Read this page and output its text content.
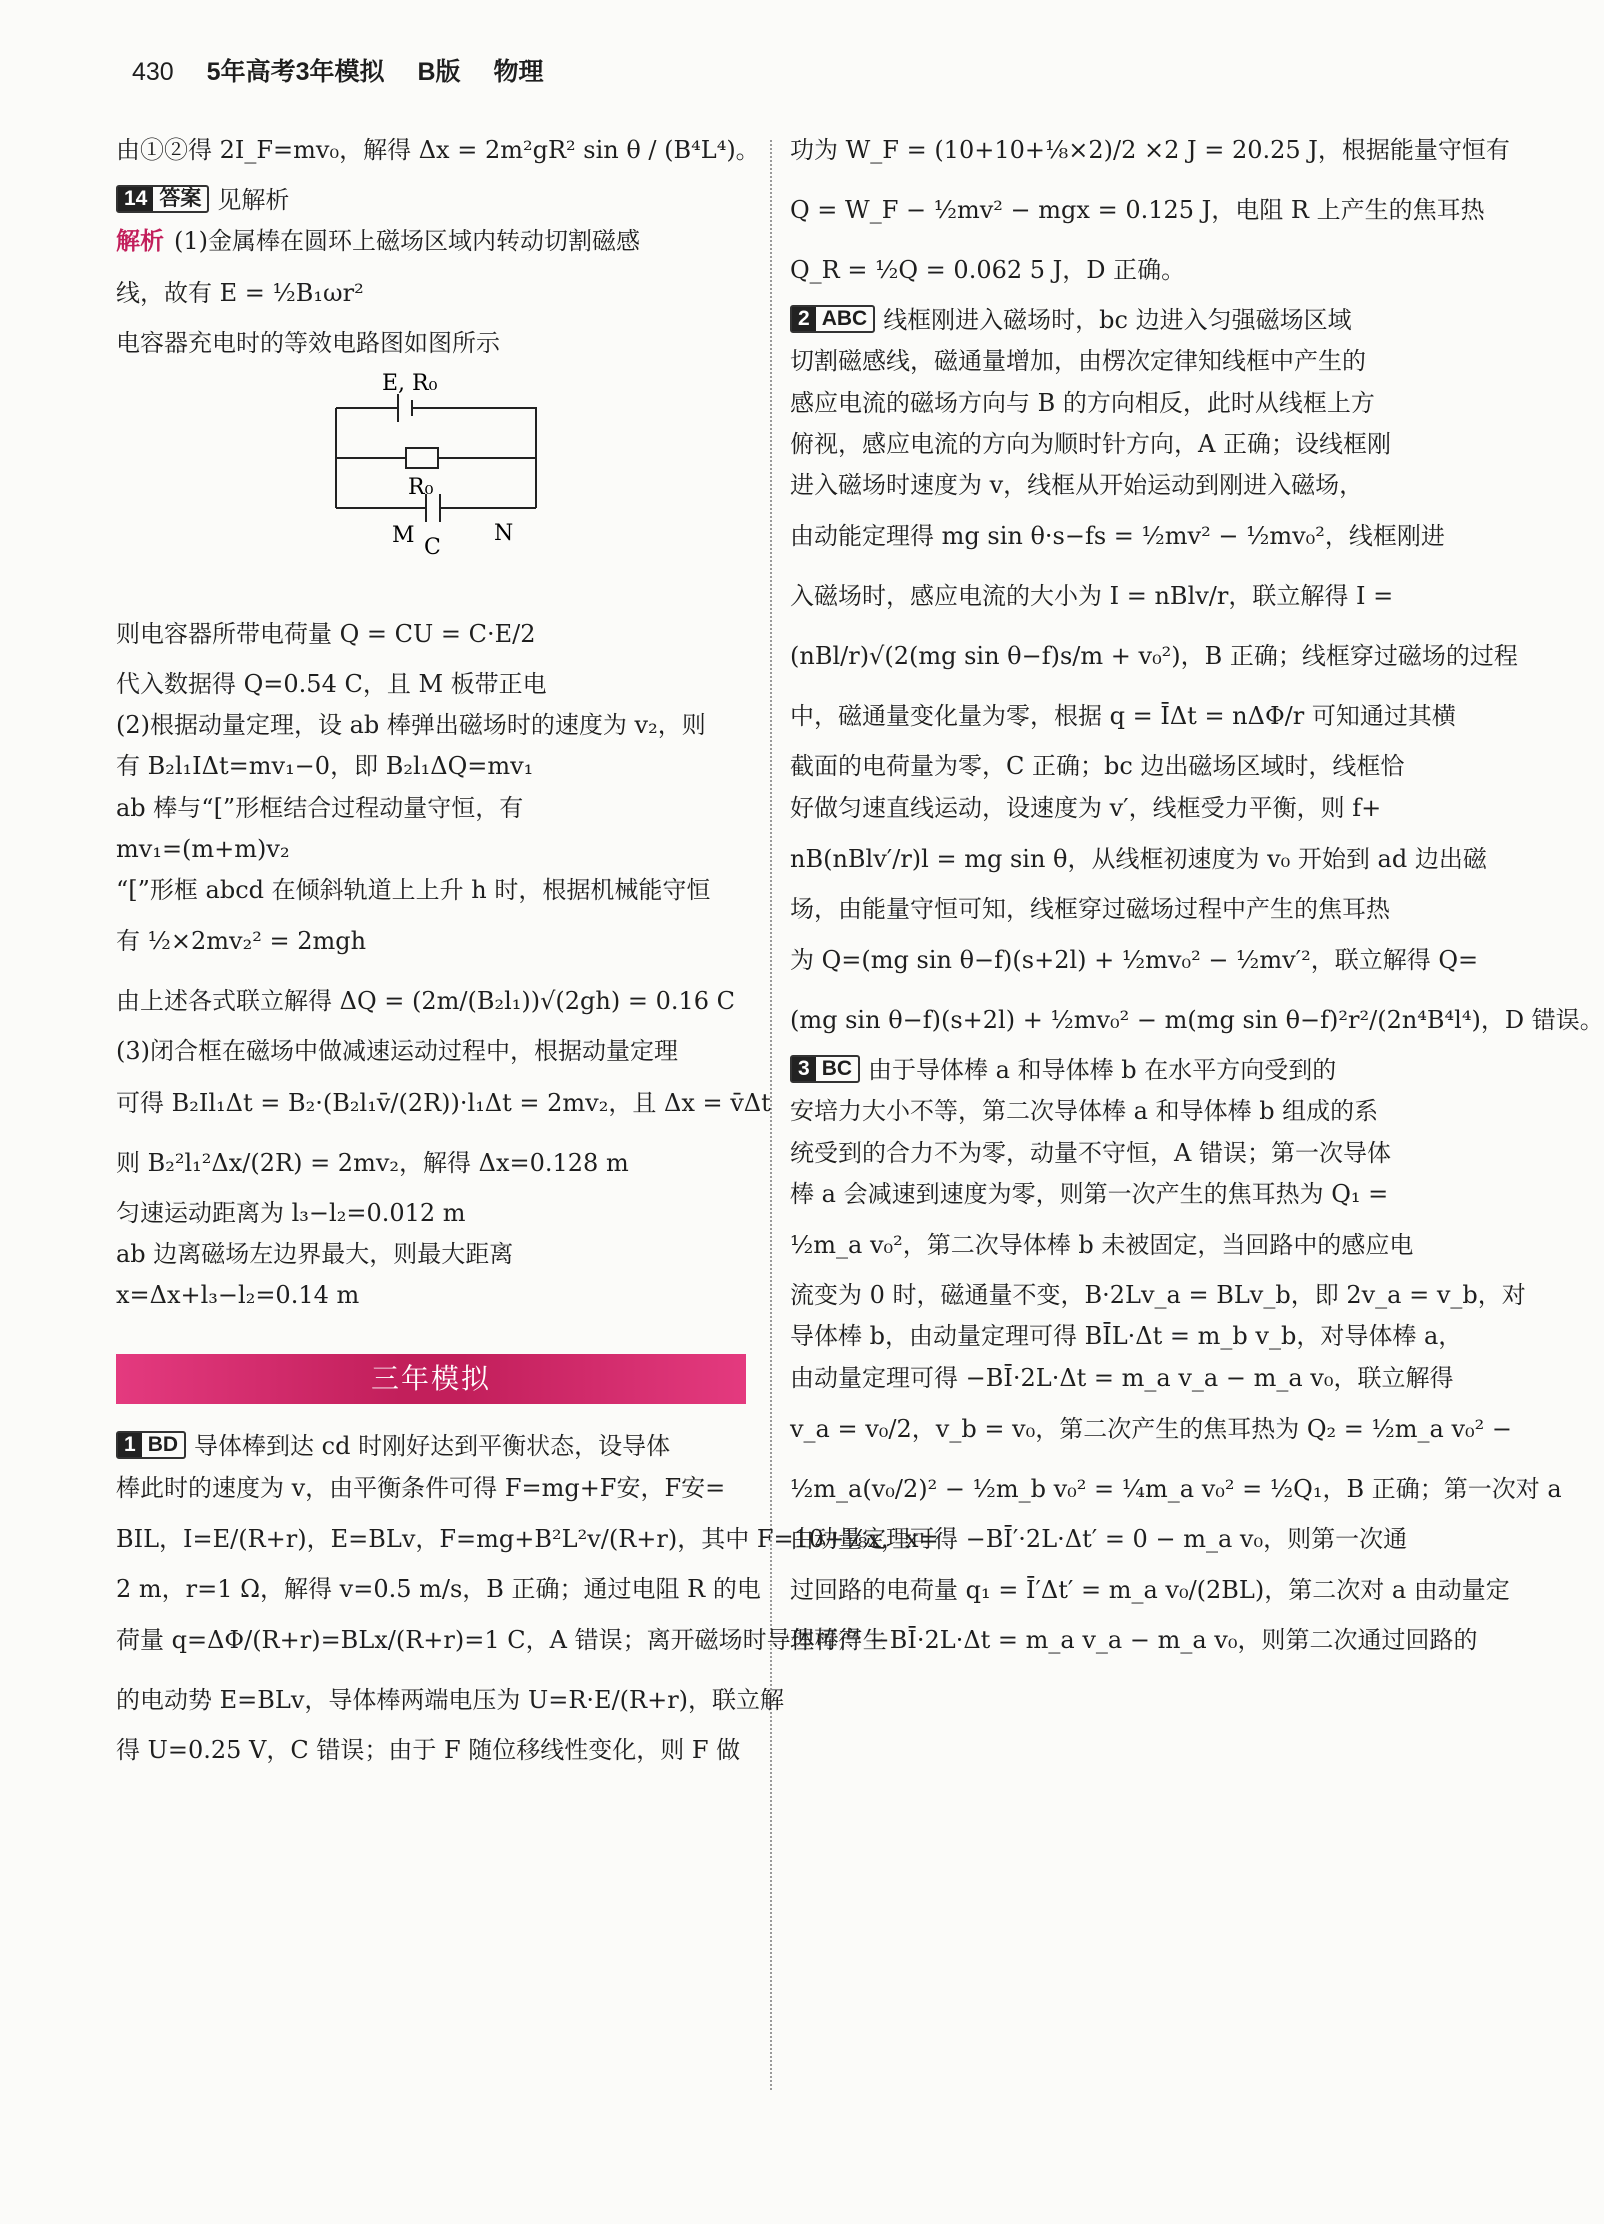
430 5年高考3年模拟 B版 物理

由①②得 2I_F=mv₀，解得 Δx = 2m²gR² sin θ / (B⁴L⁴)。

14 答案 见解析

解析 (1)金属棒在圆环上磁场区域内转动切割磁感

线，故有 E = ½B₁ωr²

电容器充电时的等效电路图如图所示

E, R₀
R₀
M C
N

则电容器所带电荷量 Q = CU = C·E/2

代入数据得 Q=0.54 C，且 M 板带正电

(2)根据动量定理，设 ab 棒弹出磁场时的速度为 v₂，则

有 B₂l₁IΔt=mv₁−0，即 B₂l₁ΔQ=mv₁

ab 棒与“[”形框结合过程动量守恒，有

mv₁=(m+m)v₂

“[”形框 abcd 在倾斜轨道上上升 h 时，根据机械能守恒

有 ½×2mv₂² = 2mgh

由上述各式联立解得 ΔQ = (2m/(B₂l₁))√(2gh) = 0.16 C

(3)闭合框在磁场中做减速运动过程中，根据动量定理

可得 B₂Il₁Δt = B₂·(B₂l₁v̄/(2R))·l₁Δt = 2mv₂，且 Δx = v̄Δt

则 B₂²l₁²Δx/(2R) = 2mv₂，解得 Δx=0.128 m

匀速运动距离为 l₃−l₂=0.012 m

ab 边离磁场左边界最大，则最大距离

x=Δx+l₃−l₂=0.14 m

三年模拟

1 BD 导体棒到达 cd 时刚好达到平衡状态，设导体

棒此时的速度为 v，由平衡条件可得 F=mg+F安，F安=

BIL，I=E/(R+r)，E=BLv，F=mg+B²L²v/(R+r)，其中 F=10+⅛x，x=

2 m，r=1 Ω，解得 v=0.5 m/s，B 正确；通过电阻 R 的电

荷量 q=ΔΦ/(R+r)=BLx/(R+r)=1 C，A 错误；离开磁场时导体棒产生

的电动势 E=BLv，导体棒两端电压为 U=R·E/(R+r)，联立解

得 U=0.25 V，C 错误；由于 F 随位移线性变化，则 F 做

功为 W_F = (10+10+⅛×2)/2 ×2 J = 20.25 J，根据能量守恒有

Q = W_F − ½mv² − mgx = 0.125 J，电阻 R 上产生的焦耳热

Q_R = ½Q = 0.062 5 J，D 正确。

2 ABC 线框刚进入磁场时，bc 边进入匀强磁场区域

切割磁感线，磁通量增加，由楞次定律知线框中产生的

感应电流的磁场方向与 B 的方向相反，此时从线框上方

俯视，感应电流的方向为顺时针方向，A 正确；设线框刚

进入磁场时速度为 v，线框从开始运动到刚进入磁场，

由动能定理得 mg sin θ·s−fs = ½mv² − ½mv₀²，线框刚进

入磁场时，感应电流的大小为 I = nBlv/r，联立解得 I =

(nBl/r)√(2(mg sin θ−f)s/m + v₀²)，B 正确；线框穿过磁场的过程

中，磁通量变化量为零，根据 q = ĪΔt = nΔΦ/r 可知通过其横

截面的电荷量为零，C 正确；bc 边出磁场区域时，线框恰

好做匀速直线运动，设速度为 v′，线框受力平衡，则 f+

nB(nBlv′/r)l = mg sin θ，从线框初速度为 v₀ 开始到 ad 边出磁

场，由能量守恒可知，线框穿过磁场过程中产生的焦耳热

为 Q=(mg sin θ−f)(s+2l) + ½mv₀² − ½mv′²，联立解得 Q=

(mg sin θ−f)(s+2l) + ½mv₀² − m(mg sin θ−f)²r²/(2n⁴B⁴l⁴)，D 错误。

3 BC 由于导体棒 a 和导体棒 b 在水平方向受到的

安培力大小不等，第二次导体棒 a 和导体棒 b 组成的系

统受到的合力不为零，动量不守恒，A 错误；第一次导体

棒 a 会减速到速度为零，则第一次产生的焦耳热为 Q₁ =

½m_a v₀²，第二次导体棒 b 未被固定，当回路中的感应电

流变为 0 时，磁通量不变，B·2Lv_a = BLv_b，即 2v_a = v_b，对

导体棒 b，由动量定理可得 BĪL·Δt = m_b v_b，对导体棒 a，

由动量定理可得 −BĪ·2L·Δt = m_a v_a − m_a v₀，联立解得

v_a = v₀/2，v_b = v₀，第二次产生的焦耳热为 Q₂ = ½m_a v₀² −

½m_a(v₀/2)² − ½m_b v₀² = ¼m_a v₀² = ½Q₁，B 正确；第一次对 a

由动量定理可得 −BĪ′·2L·Δt′ = 0 − m_a v₀，则第一次通

过回路的电荷量 q₁ = Ī′Δt′ = m_a v₀/(2BL)，第二次对 a 由动量定

理可得 −BĪ·2L·Δt = m_a v_a − m_a v₀，则第二次通过回路的
